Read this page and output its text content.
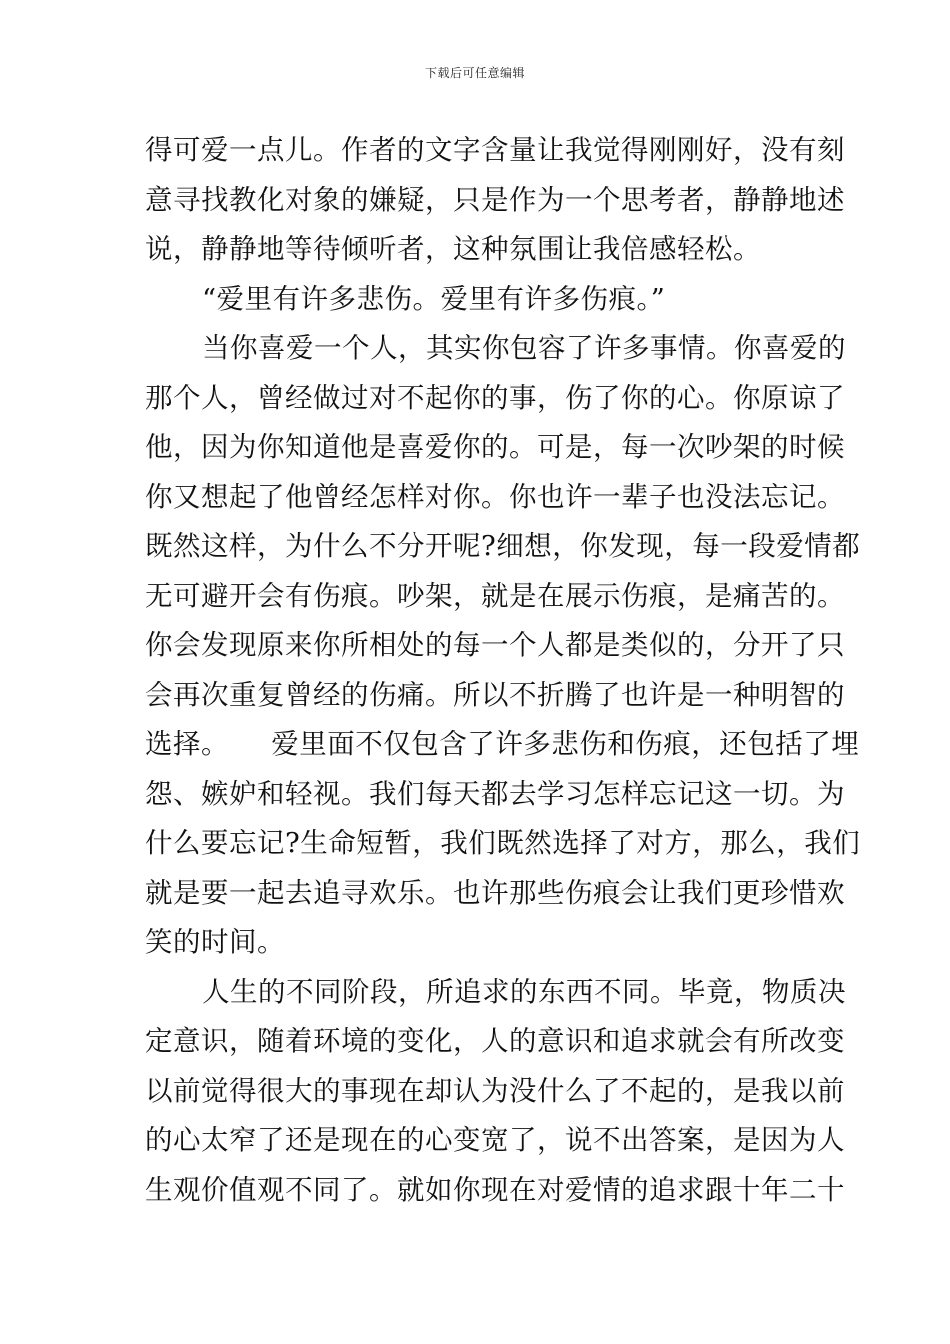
下载后可任意编辑
得可爱一点儿。作者的文字含量让我觉得刚刚好，没有刻
意寻找教化对象的嫌疑，只是作为一个思考者，静静地述
说，静静地等待倾听者，这种氛围让我倍感轻松。
“爱里有许多悲伤。爱里有许多伤痕。”
当你喜爱一个人，其实你包容了许多事情。你喜爱的
那个人，曾经做过对不起你的事，伤了你的心。你原谅了
他，因为你知道他是喜爱你的。可是，每一次吵架的时候
你又想起了他曾经怎样对你。你也许一辈子也没法忘记。
既然这样，为什么不分开呢?细想，你发现，每一段爱情都
无可避开会有伤痕。吵架，就是在展示伤痕，是痛苦的。
你会发现原来你所相处的每一个人都是类似的，分开了只
会再次重复曾经的伤痛。所以不折腾了也许是一种明智的
选择。　　爱里面不仅包含了许多悲伤和伤痕，还包括了埋
怨、嫉妒和轻视。我们每天都去学习怎样忘记这一切。为
什么要忘记?生命短暂，我们既然选择了对方，那么，我们
就是要一起去追寻欢乐。也许那些伤痕会让我们更珍惜欢
笑的时间。
人生的不同阶段，所追求的东西不同。毕竟，物质决
定意识，随着环境的变化，人的意识和追求就会有所改变
以前觉得很大的事现在却认为没什么了不起的，是我以前
的心太窄了还是现在的心变宽了，说不出答案，是因为人
生观价值观不同了。就如你现在对爱情的追求跟十年二十
